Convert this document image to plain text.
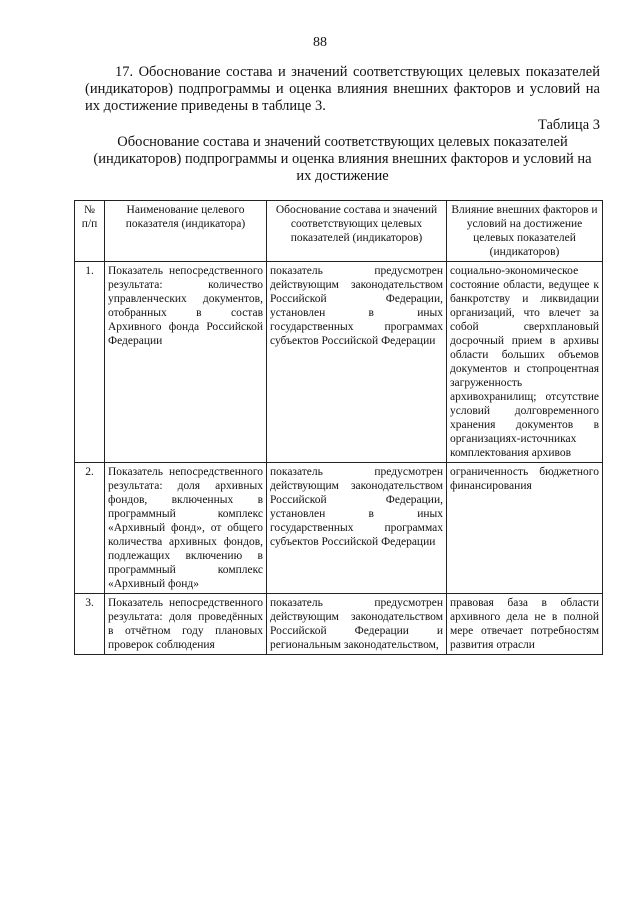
88
17. Обоснование состава и значений соответствующих целевых показателей (индикаторов) подпрограммы и оценка влияния внешних факторов и условий на их достижение приведены в таблице 3.
Таблица 3
Обоснование состава и значений соответствующих целевых показателей (индикаторов) подпрограммы и оценка влияния внешних факторов и условий на их достижение
№ п/п	Наименование целевого показателя (индикатора)	Обоснование состава и значений соответствующих целевых показателей (индикаторов)	Влияние внешних факторов и условий на достижение целевых показателей (индикаторов)
1.	Показатель непосредственного результата: количество управленческих документов, отобранных в состав Архивного фонда Российской Федерации	показатель предусмотрен действующим законодательством Российской Федерации, установлен в иных государственных программах субъектов Российской Федерации	социально-экономическое состояние области, ведущее к банкротству и ликвидации организаций, что влечет за собой сверхплановый досрочный прием в архивы области больших объемов документов и стопроцентная загруженность архивохранилищ; отсутствие условий долговременного хранения документов в организациях-источниках комплектования архивов
2.	Показатель непосредственного результата: доля архивных фондов, включенных в программный комплекс «Архивный фонд», от общего количества архивных фондов, подлежащих включению в программный комплекс «Архивный фонд»	показатель предусмотрен действующим законодательством Российской Федерации, установлен в иных государственных программах субъектов Российской Федерации	ограниченность бюджетного финансирования
3.	Показатель непосредственного результата: доля проведённых в отчётном году плановых проверок соблюдения	показатель предусмотрен действующим законодательством Российской Федерации и региональным законодательством,	правовая база в области архивного дела не в полной мере отвечает потребностям развития отрасли
